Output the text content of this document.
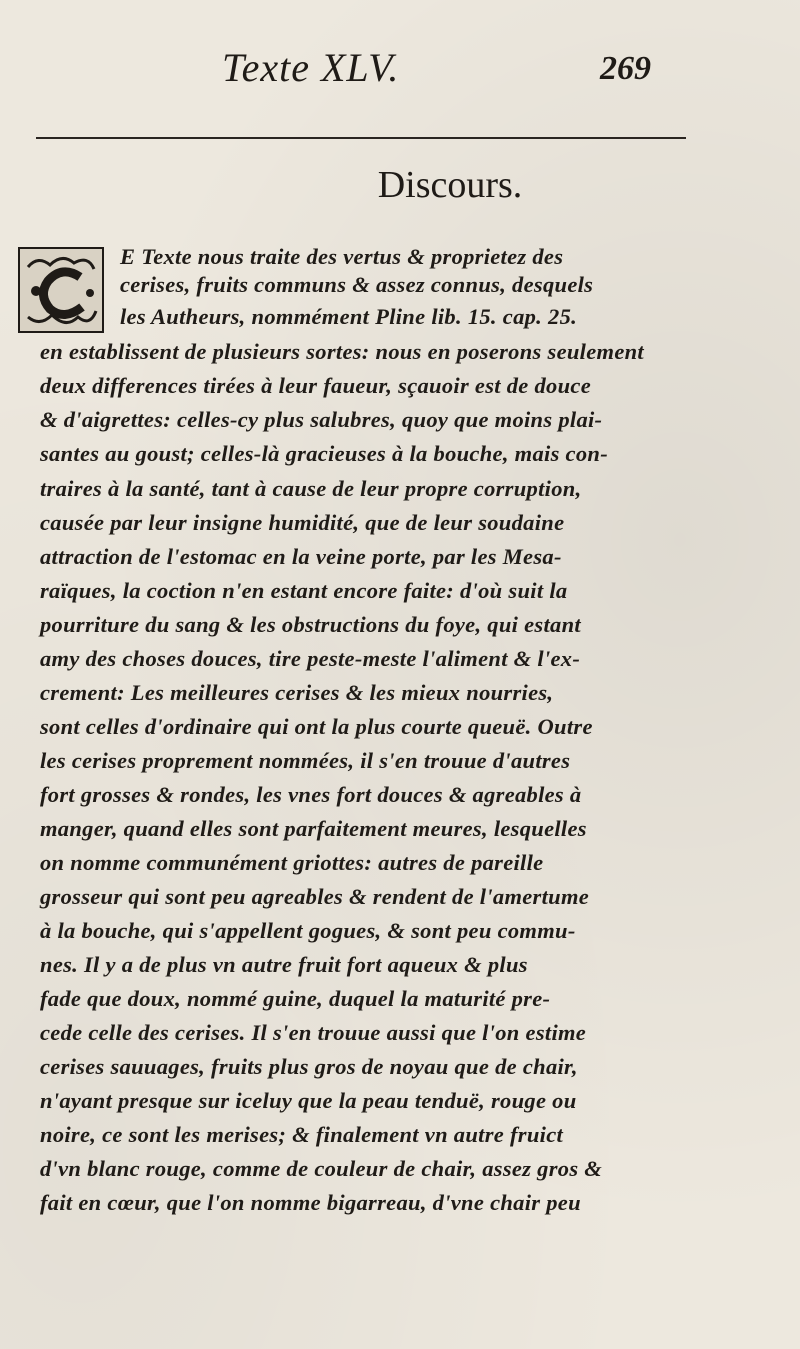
Texte XLV.	269
Discours.
E Texte nous traite des vertus & proprietez des
cerises, fruits communs & assez connus, desquels
les Autheurs, nommément Pline lib. 15. cap. 25.
en establissent de plusieurs sortes: nous en poserons seulement
deux differences tirées à leur faueur, sçauoir est de douce
& d'aigrettes: celles-cy plus salubres, quoy que moins plai-
santes au goust; celles-là gracieuses à la bouche, mais con-
traires à la santé, tant à cause de leur propre corruption,
causée par leur insigne humidité, que de leur soudaine
attraction de l'estomac en la veine porte, par les Mesa-
raïques, la coction n'en estant encore faite: d'où suit la
pourriture du sang & les obstructions du foye, qui estant
amy des choses douces, tire peste-meste l'aliment & l'ex-
crement: Les meilleures cerises & les mieux nourries,
sont celles d'ordinaire qui ont la plus courte queuë. Outre
les cerises proprement nommées, il s'en trouue d'autres
fort grosses & rondes, les vnes fort douces & agreables à
manger, quand elles sont parfaitement meures, lesquelles
on nomme communément griottes: autres de pareille
grosseur qui sont peu agreables & rendent de l'amertume
à la bouche, qui s'appellent gogues, & sont peu commu-
nes. Il y a de plus vn autre fruit fort aqueux & plus
fade que doux, nommé guine, duquel la maturité pre-
cede celle des cerises. Il s'en trouue aussi que l'on estime
cerises sauuages, fruits plus gros de noyau que de chair,
n'ayant presque sur iceluy que la peau tenduë, rouge ou
noire, ce sont les merises; & finalement vn autre fruict
d'vn blanc rouge, comme de couleur de chair, assez gros &
fait en cœur, que l'on nomme bigarreau, d'vne chair peu
